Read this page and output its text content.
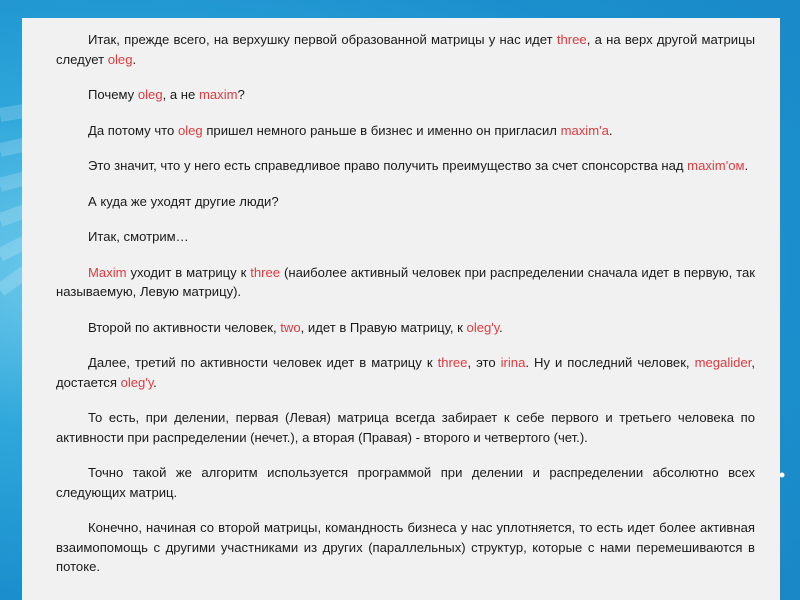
Итак, прежде всего, на верхушку первой образованной матрицы у нас идет three, а на верх другой матрицы следует oleg.

Почему oleg, а не maxim?

Да потому что oleg пришел немного раньше в бизнес и именно он пригласил maxim'а.

Это значит, что у него есть справедливое право получить преимущество за счет спонсорства над maxim'ом.

А куда же уходят другие люди?

Итак, смотрим…

Maxim уходит в матрицу к three (наиболее активный человек при распределении сначала идет в первую, так называемую, Левую матрицу).

Второй по активности человек, two, идет в Правую матрицу, к oleg'у.

Далее, третий по активности человек идет в матрицу к three, это irina. Ну и последний человек, megalider, достается oleg'у.

То есть, при делении, первая (Левая) матрица всегда забирает к себе первого и третьего человека по активности при распределении (нечет.), а вторая (Правая) - второго и четвертого (чет.).

Точно такой же алгоритм используется программой при делении и распределении абсолютно всех следующих матриц.

Конечно, начиная со второй матрицы, командность бизнеса у нас уплотняется, то есть идет более активная взаимопомощь с другими участниками из других (параллельных) структур, которые с нами перемешиваются в потоке.
